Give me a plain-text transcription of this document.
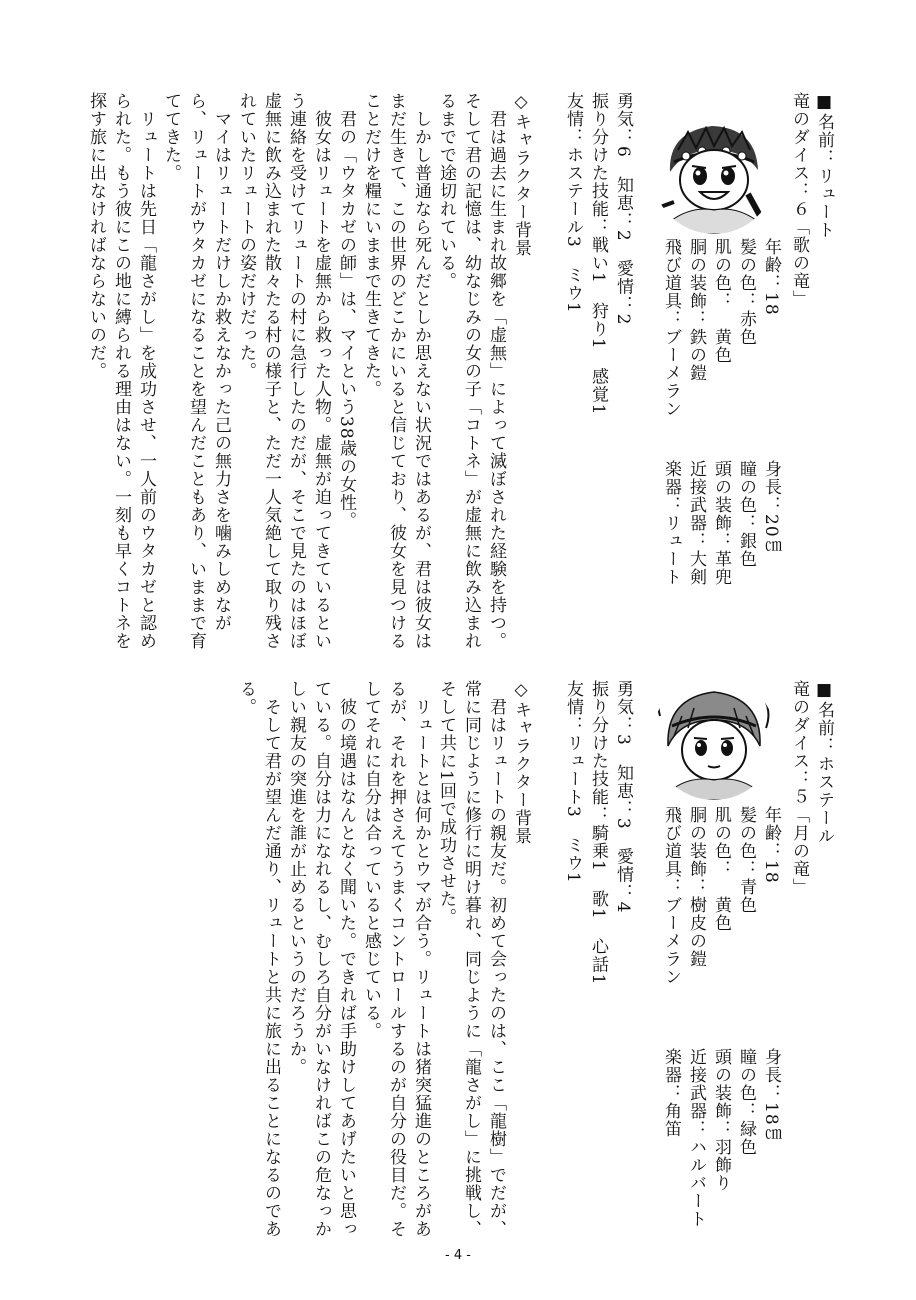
■名前：リュート
竜のダイス：６「歌の竜」
年齢：18
髪の色：赤色
肌の色：　黄色
胴の装飾：鉄の鎧
飛び道具：ブーメラン
身長：20㎝
瞳の色：銀色
頭の装飾：革兜
近接武器：大剣
楽器：リュート
勇気：6　知恵：2　愛情：2
振り分けた技能：戦い1　狩り1　感覚1
友情：ホステール3　ミウ1
◇キャラクター背景
　君は過去に生まれ故郷を「虚無」によって滅ぼされた経験を持つ。
そして君の記憶は、幼なじみの女の子「コトネ」が虚無に飲み込まれ
るまでで途切れている。
　しかし普通なら死んだとしか思えない状況ではあるが、君は彼女は
まだ生きて、この世界のどこかにいると信じており、彼女を見つける
ことだけを糧にいままで生きてきた。
　君の「ウタカゼの師」は、マイという38歳の女性。
　彼女はリュートを虚無から救った人物。虚無が迫ってきているとい
う連絡を受けてリュートの村に急行したのだが、そこで見たのはほぼ
虚無に飲み込まれた散々たる村の様子と、ただ一人気絶して取り残さ
れていたリュートの姿だけだった。
　マイはリュートだけしか救えなかった己の無力さを噛みしめなが
ら、リュートがウタカゼになることを望んだこともあり、いままで育
ててきた。
　リュートは先日「龍さがし」を成功させ、一人前のウタカゼと認め
られた。もう彼にこの地に縛られる理由はない。一刻も早くコトネを
探す旅に出なければならないのだ。
■名前：ホステール
竜のダイス：５「月の竜」
年齢：18
髪の色：青色
肌の色：　黄色
胴の装飾：樹皮の鎧
飛び道具：ブーメラン
身長：18㎝
瞳の色：緑色
頭の装飾：羽飾り
近接武器：ハルバート
楽器：角笛
勇気：3　知恵：3　愛情：4
振り分けた技能：騎乗1　歌1　心話1
友情：リュート3　ミウ1
◇キャラクター背景
　君はリュートの親友だ。初めて会ったのは、ここ「龍樹」でだが、
常に同じように修行に明け暮れ、同じように「龍さがし」に挑戦し、
そして共に1回で成功させた。
　リュートとは何かとウマが合う。リュートは猪突猛進のところがあ
るが、それを押さえてうまくコントロールするのが自分の役目だ。そ
してそれに自分は合っていると感じている。
　彼の境遇はなんとなく聞いた。できれば手助けしてあげたいと思っ
ている。自分は力になれるし、むしろ自分がいなければこの危なっか
しい親友の突進を誰が止めるというのだろうか。
　そして君が望んだ通り、リュートと共に旅に出ることになるのであ
る。
- 4 -
